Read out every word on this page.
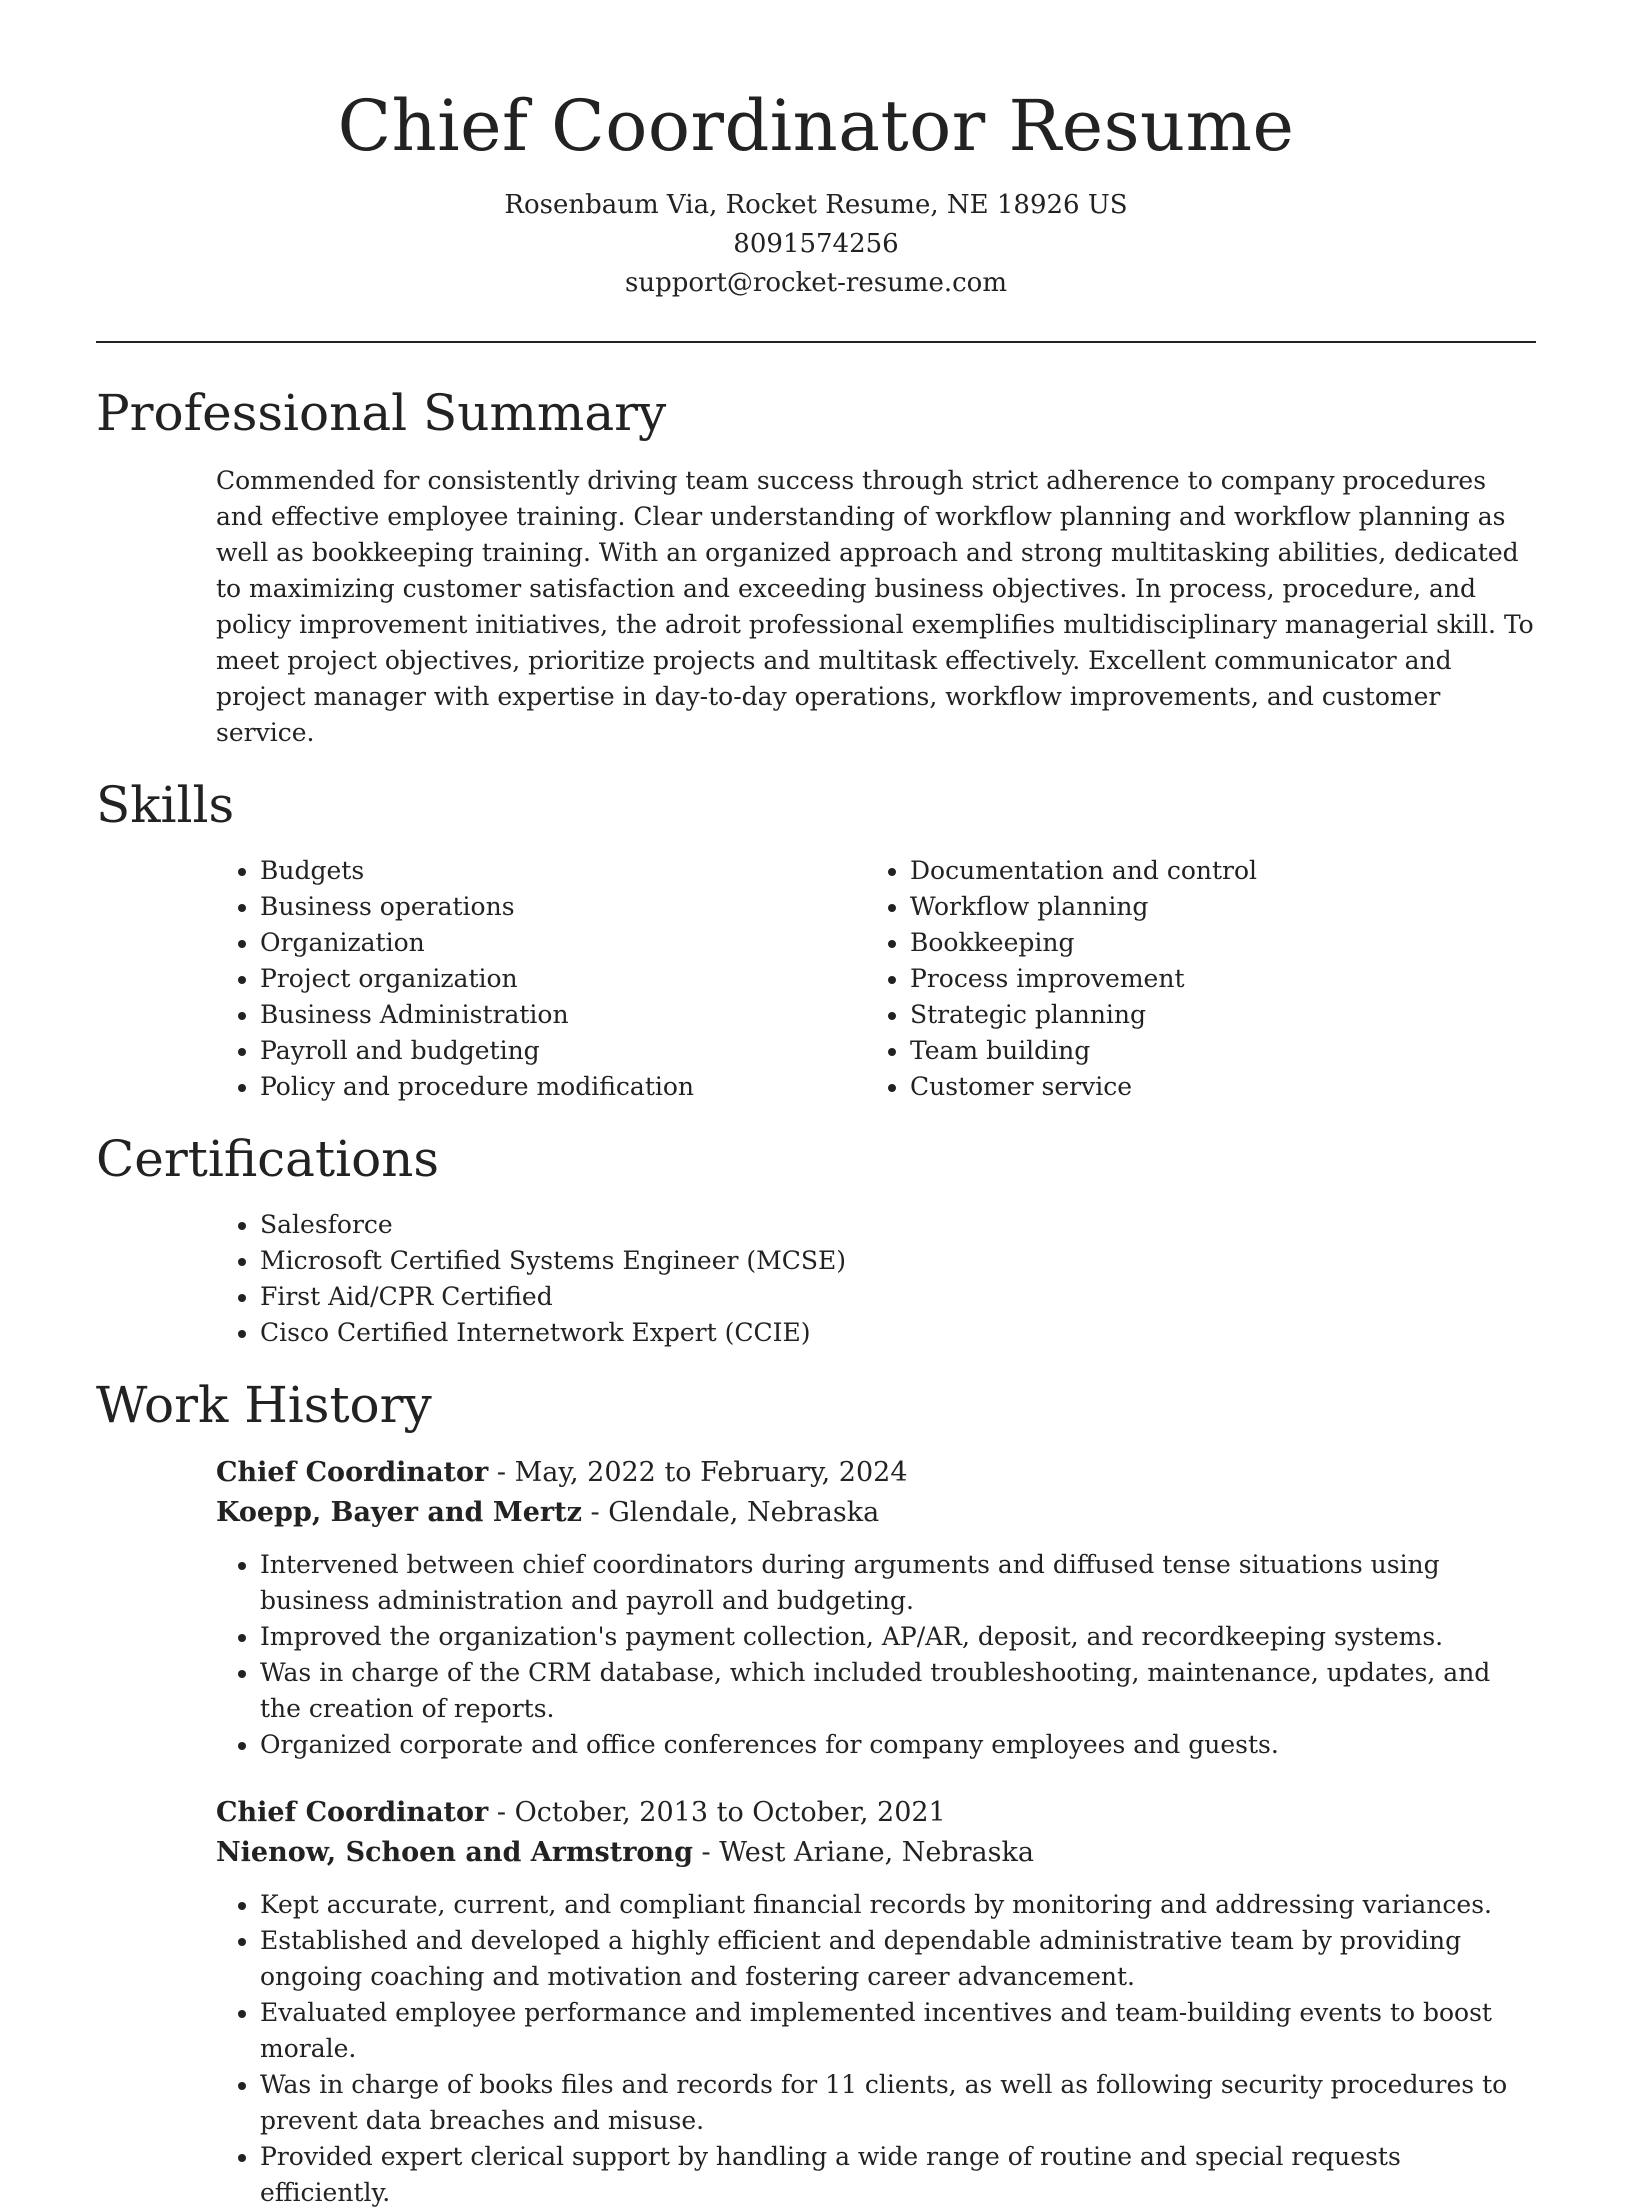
Chief Coordinator Resume
Rosenbaum Via, Rocket Resume, NE 18926 US
8091574256
support@rocket-resume.com
Professional Summary

Commended for consistently driving team success through strict adherence to company procedures and effective employee training. Clear understanding of workflow planning and workflow planning as well as bookkeeping training. With an organized approach and strong multitasking abilities, dedicated to maximizing customer satisfaction and exceeding business objectives. In process, procedure, and policy improvement initiatives, the adroit professional exemplifies multidisciplinary managerial skill. To meet project objectives, prioritize projects and multitask effectively. Excellent communicator and project manager with expertise in day-to-day operations, workflow improvements, and customer service.

Skills
• Budgets
• Business operations
• Organization
• Project organization
• Business Administration
• Payroll and budgeting
• Policy and procedure modification
• Documentation and control
• Workflow planning
• Bookkeeping
• Process improvement
• Strategic planning
• Team building
• Customer service
Certifications
• Salesforce
• Microsoft Certified Systems Engineer (MCSE)
• First Aid/CPR Certified
• Cisco Certified Internetwork Expert (CCIE)
Work History
Chief Coordinator - May, 2022 to February, 2024
Koepp, Bayer and Mertz - Glendale, Nebraska
• Intervened between chief coordinators during arguments and diffused tense situations using business administration and payroll and budgeting.
• Improved the organization's payment collection, AP/AR, deposit, and recordkeeping systems.
• Was in charge of the CRM database, which included troubleshooting, maintenance, updates, and the creation of reports.
• Organized corporate and office conferences for company employees and guests.
Chief Coordinator - October, 2013 to October, 2021
Nienow, Schoen and Armstrong - West Ariane, Nebraska
• Kept accurate, current, and compliant financial records by monitoring and addressing variances.
• Established and developed a highly efficient and dependable administrative team by providing ongoing coaching and motivation and fostering career advancement.
• Evaluated employee performance and implemented incentives and team-building events to boost morale.
• Was in charge of books files and records for 11 clients, as well as following security procedures to prevent data breaches and misuse.
• Provided expert clerical support by handling a wide range of routine and special requests efficiently.
